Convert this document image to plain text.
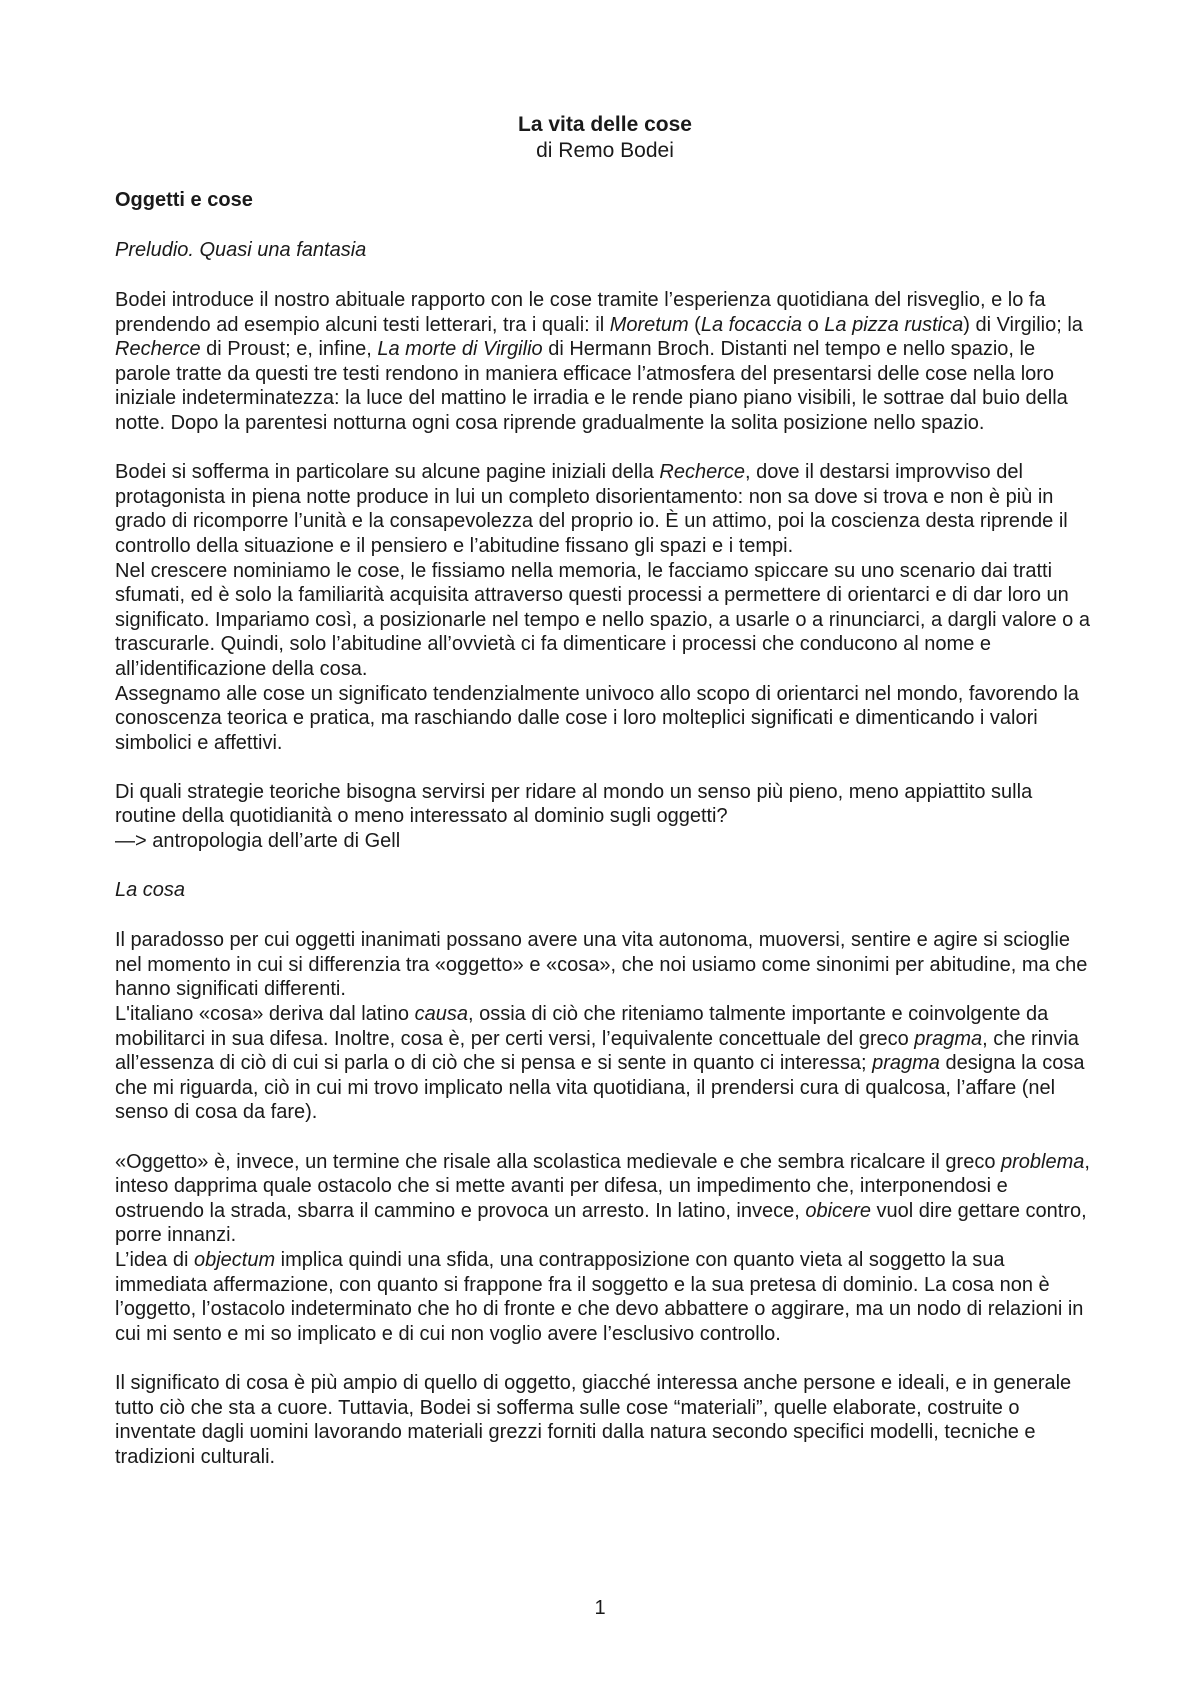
La vita delle cose

di Remo Bodei

Oggetti e cose
Preludio. Quasi una fantasia

Bodei introduce il nostro abituale rapporto con le cose tramite l’esperienza quotidiana del risveglio, e lo fa prendendo ad esempio alcuni testi letterari, tra i quali: il Moretum (La focaccia o La pizza rustica) di Virgilio; la Recherce di Proust; e, infine, La morte di Virgilio di Hermann Broch. Distanti nel tempo e nello spazio, le parole tratte da questi tre testi rendono in maniera efficace l’atmosfera del presentarsi delle cose nella loro iniziale indeterminatezza: la luce del mattino le irradia e le rende piano piano visibili, le sottrae dal buio della notte. Dopo la parentesi notturna ogni cosa riprende gradualmente la solita posizione nello spazio.

Bodei si sofferma in particolare su alcune pagine iniziali della Recherce, dove il destarsi improvviso del protagonista in piena notte produce in lui un completo disorientamento: non sa dove si trova e non è più in grado di ricomporre l’unità e la consapevolezza del proprio io. È un attimo, poi la coscienza desta riprende il controllo della situazione e il pensiero e l’abitudine fissano gli spazi e i tempi.

Nel crescere nominiamo le cose, le fissiamo nella memoria, le facciamo spiccare su uno scenario dai tratti sfumati, ed è solo la familiarità acquisita attraverso questi processi a permettere di orientarci e di dar loro un significato. Impariamo così, a posizionarle nel tempo e nello spazio, a usarle o a rinunciarci, a dargli valore o a trascurarle. Quindi, solo l’abitudine all’ovvietà ci fa dimenticare i processi che conducono al nome e all’identificazione della cosa.

Assegnamo alle cose un significato tendenzialmente univoco allo scopo di orientarci nel mondo, favorendo la conoscenza teorica e pratica, ma raschiando dalle cose i loro molteplici significati e dimenticando i valori simbolici e affettivi.

Di quali strategie teoriche bisogna servirsi per ridare al mondo un senso più pieno, meno appiattito sulla routine della quotidianità o meno interessato al dominio sugli oggetti?

—> antropologia dell’arte di Gell

La cosa

Il paradosso per cui oggetti inanimati possano avere una vita autonoma, muoversi, sentire e agire si scioglie nel momento in cui si differenzia tra «oggetto» e «cosa», che noi usiamo come sinonimi per abitudine, ma che hanno significati differenti.

L'italiano «cosa» deriva dal latino causa, ossia di ciò che riteniamo talmente importante e coinvolgente da mobilitarci in sua difesa. Inoltre, cosa è, per certi versi, l’equivalente concettuale del greco pragma, che rinvia all’essenza di ciò di cui si parla o di ciò che si pensa e si sente in quanto ci interessa; pragma designa la cosa che mi riguarda, ciò in cui mi trovo implicato nella vita quotidiana, il prendersi cura di qualcosa, l’affare (nel senso di cosa da fare).

«Oggetto» è, invece, un termine che risale alla scolastica medievale e che sembra ricalcare il greco problema, inteso dapprima quale ostacolo che si mette avanti per difesa, un impedimento che, interponendosi e ostruendo la strada, sbarra il cammino e provoca un arresto. In latino, invece, obicere vuol dire gettare contro, porre innanzi.

L’idea di objectum implica quindi una sfida, una contrapposizione con quanto vieta al soggetto la sua immediata affermazione, con quanto si frappone fra il soggetto e la sua pretesa di dominio. La cosa non è l’oggetto, l’ostacolo indeterminato che ho di fronte e che devo abbattere o aggirare, ma un nodo di relazioni in cui mi sento e mi so implicato e di cui non voglio avere l’esclusivo controllo.

Il significato di cosa è più ampio di quello di oggetto, giacché interessa anche persone e ideali, e in generale tutto ciò che sta a cuore. Tuttavia, Bodei si sofferma sulle cose “materiali”, quelle elaborate, costruite o inventate dagli uomini lavorando materiali grezzi forniti dalla natura secondo specifici modelli, tecniche e tradizioni culturali.

1
